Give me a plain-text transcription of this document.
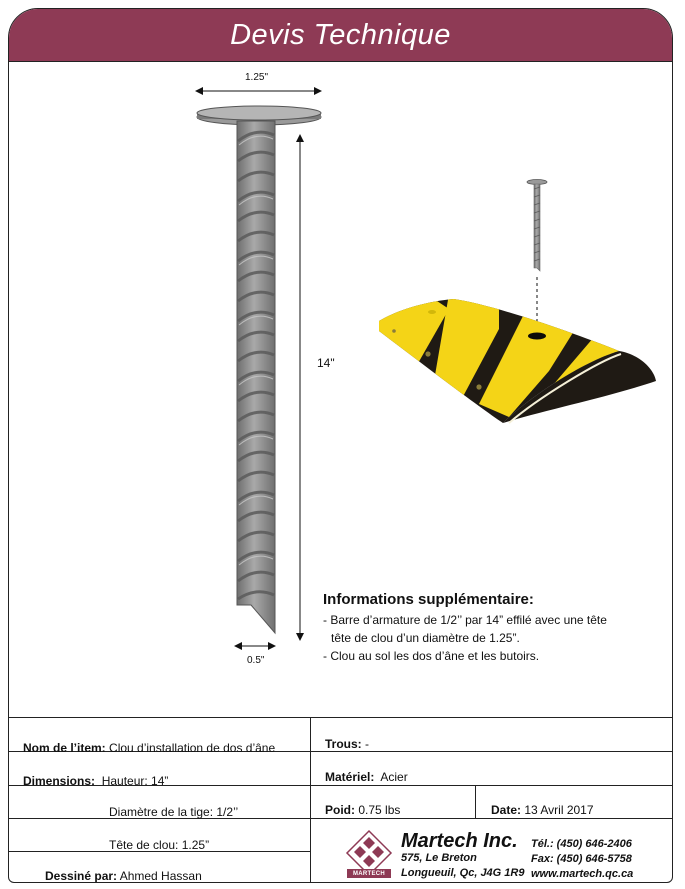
Devis Technique
1.25"
14"
0.5"
Informations supplémentaire:

- Barre d’armature de 1/2’’ par 14” effilé avec une tête

tête de clou d’un diamètre de 1.25”.

- Clou au sol les dos d’âne et les butoirs.

Nom de l’item: Clou d’installation de dos d’âne	Trous: -
Dimensions: Hauteur: 14”	Matériel: Acier
Diamètre de la tige: 1/2’’	Poid: 0.75 lbs	Date: 13 Avril 2017
Tête de clou: 1.25”
Dessiné par: Ahmed Hassan	MARTECH
Martech Inc.
575, Le Breton
Longueuil, Qc, J4G 1R9
Tél.: (450) 646-2406
Fax: (450) 646-5758
www.martech.qc.ca
